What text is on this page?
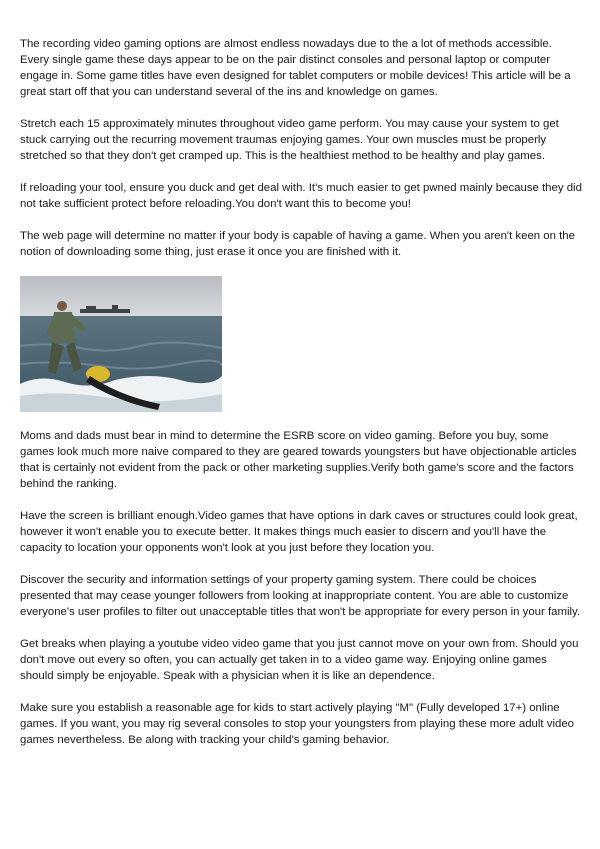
The recording video gaming options are almost endless nowadays due to the a lot of methods accessible. Every single game these days appear to be on the pair distinct consoles and personal laptop or computer engage in. Some game titles have even designed for tablet computers or mobile devices! This article will be a great start off that you can understand several of the ins and knowledge on games.

Stretch each 15 approximately minutes throughout video game perform. You may cause your system to get stuck carrying out the recurring movement traumas enjoying games. Your own muscles must be properly stretched so that they don't get cramped up. This is the healthiest method to be healthy and play games.

If reloading your tool, ensure you duck and get deal with. It's much easier to get pwned mainly because they did not take sufficient protect before reloading.You don't want this to become you!

The web page will determine no matter if your body is capable of having a game. When you aren't keen on the notion of downloading some thing, just erase it once you are finished with it.

Moms and dads must bear in mind to determine the ESRB score on video gaming. Before you buy, some games look much more naive compared to they are geared towards youngsters but have objectionable articles that is certainly not evident from the pack or other marketing supplies.Verify both game's score and the factors behind the ranking.

Have the screen is brilliant enough.Video games that have options in dark caves or structures could look great, however it won't enable you to execute better. It makes things much easier to discern and you'll have the capacity to location your opponents won't look at you just before they location you.

Discover the security and information settings of your property gaming system. There could be choices presented that may cease younger followers from looking at inappropriate content. You are able to customize everyone's user profiles to filter out unacceptable titles that won't be appropriate for every person in your family.

Get breaks when playing a youtube video video game that you just cannot move on your own from. Should you don't move out every so often, you can actually get taken in to a video game way. Enjoying online games should simply be enjoyable. Speak with a physician when it is like an dependence.

Make sure you establish a reasonable age for kids to start actively playing "M" (Fully developed 17+) online games. If you want, you may rig several consoles to stop your youngsters from playing these more adult video games nevertheless. Be along with tracking your child's gaming behavior.
